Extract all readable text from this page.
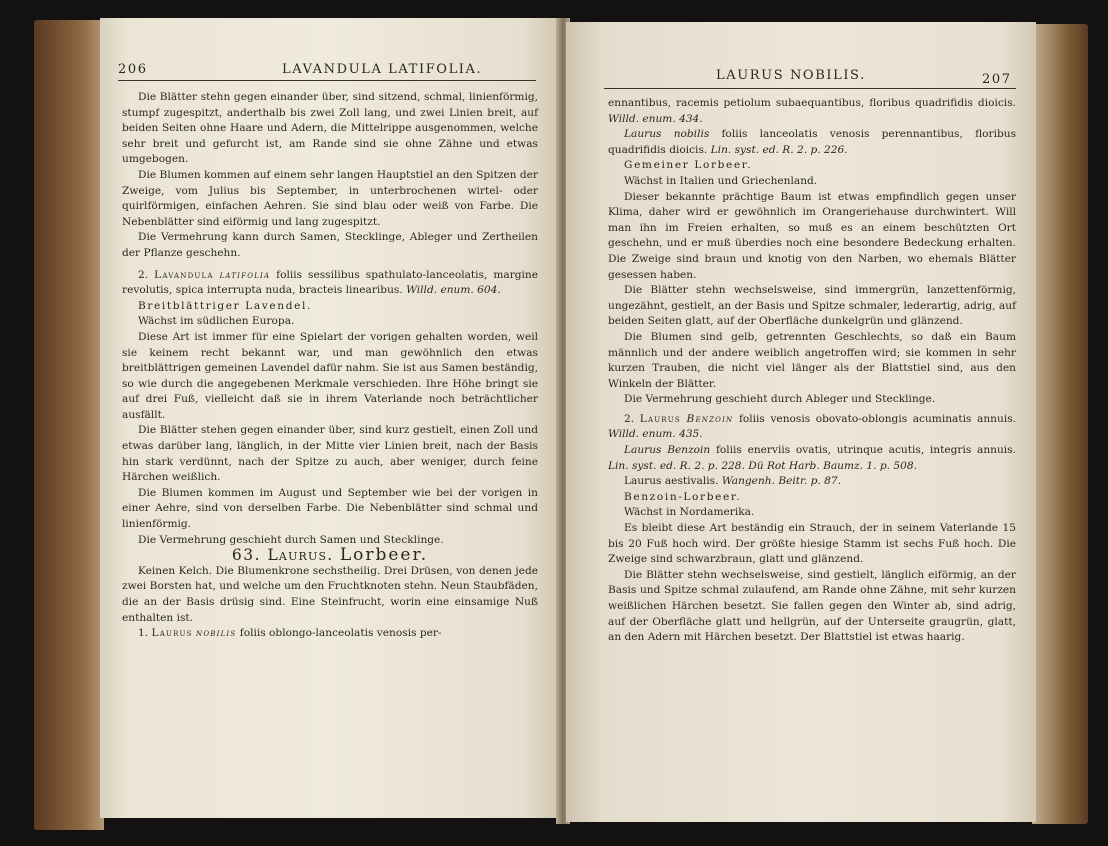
206	LAVANDULA LATIFOLIA.

Die Blätter stehn gegen einander über, sind sitzend, schmal, linienförmig, stumpf zugespitzt, anderthalb bis zwei Zoll lang, und zwei Linien breit, auf beiden Seiten ohne Haare und Adern, die Mittelrippe ausgenommen, welche sehr breit und gefurcht ist, am Rande sind sie ohne Zähne und etwas umgebogen.

Die Blumen kommen auf einem sehr langen Hauptstiel an den Spitzen der Zweige, vom Julius bis September, in unterbrochenen wirtel- oder quirlförmigen, einfachen Aehren. Sie sind blau oder weiß von Farbe. Die Nebenblätter sind eiförmig und lang zugespitzt.

Die Vermehrung kann durch Samen, Stecklinge, Ableger und Zertheilen der Pflanze geschehn.

2. Lavandula latifolia foliis sessilibus spathulato-lanceolatis, margine revolutis, spica interrupta nuda, bracteis linearibus. Willd. enum. 604.

Breitblättriger Lavendel.

Wächst im südlichen Europa.

Diese Art ist immer für eine Spielart der vorigen gehalten worden, weil sie keinem recht bekannt war, und man gewöhnlich den etwas breitblättrigen gemeinen Lavendel dafür nahm. Sie ist aus Samen beständig, so wie durch die angegebenen Merkmale verschieden. Ihre Höhe bringt sie auf drei Fuß, vielleicht daß sie in ihrem Vaterlande noch beträchtlicher ausfällt.

Die Blätter stehen gegen einander über, sind kurz gestielt, einen Zoll und etwas darüber lang, länglich, in der Mitte vier Linien breit, nach der Basis hin stark verdünnt, nach der Spitze zu auch, aber weniger, durch feine Härchen weißlich.

Die Blumen kommen im August und September wie bei der vorigen in einer Aehre, sind von derselben Farbe. Die Nebenblätter sind schmal und linienförmig.

Die Vermehrung geschieht durch Samen und Stecklinge.

63. Laurus. Lorbeer.

Keinen Kelch. Die Blumenkrone sechstheilig. Drei Drüsen, von denen jede zwei Borsten hat, und welche um den Fruchtknoten stehn. Neun Staubfäden, die an der Basis drüsig sind. Eine Steinfrucht, worin eine einsamige Nuß enthalten ist.

1. Laurus nobilis foliis oblongo-lanceolatis venosis per-

LAURUS NOBILIS.	207

ennantibus, racemis petiolum subaequantibus, floribus quadrifidis dioicis. Willd. enum. 434.

Laurus nobilis foliis lanceolatis venosis perennantibus, floribus quadrifidis dioicis. Lin. syst. ed. R. 2. p. 226.

Gemeiner Lorbeer.

Wächst in Italien und Griechenland.

Dieser bekannte prächtige Baum ist etwas empfindlich gegen unser Klima, daher wird er gewöhnlich im Orangeriehause durchwintert. Will man ihn im Freien erhalten, so muß es an einem beschützten Ort geschehn, und er muß überdies noch eine besondere Bedeckung erhalten. Die Zweige sind braun und knotig von den Narben, wo ehemals Blätter gesessen haben.

Die Blätter stehn wechselsweise, sind immergrün, lanzettenförmig, ungezähnt, gestielt, an der Basis und Spitze schmaler, lederartig, adrig, auf beiden Seiten glatt, auf der Oberfläche dunkelgrün und glänzend.

Die Blumen sind gelb, getrennten Geschlechts, so daß ein Baum männlich und der andere weiblich angetroffen wird; sie kommen in sehr kurzen Trauben, die nicht viel länger als der Blattstiel sind, aus den Winkeln der Blätter.

Die Vermehrung geschieht durch Ableger und Stecklinge.

2. Laurus Benzoin foliis venosis obovato-oblongis acuminatis annuis. Willd. enum. 435.

Laurus Benzoin foliis enerviis ovatis, utrinque acutis, integris annuis. Lin. syst. ed. R. 2. p. 228. Dü Rot Harb. Baumz. 1. p. 508.

Laurus aestivalis. Wangenh. Beitr. p. 87.

Benzoin-Lorbeer.

Wächst in Nordamerika.

Es bleibt diese Art beständig ein Strauch, der in seinem Vaterlande 15 bis 20 Fuß hoch wird. Der größte hiesige Stamm ist sechs Fuß hoch. Die Zweige sind schwarzbraun, glatt und glänzend.

Die Blätter stehn wechselsweise, sind gestielt, länglich eiförmig, an der Basis und Spitze schmal zulaufend, am Rande ohne Zähne, mit sehr kurzen weißlichen Härchen besetzt. Sie fallen gegen den Winter ab, sind adrig, auf der Oberfläche glatt und hellgrün, auf der Unterseite graugrün, glatt, an den Adern mit Härchen besetzt. Der Blattstiel ist etwas haarig.
